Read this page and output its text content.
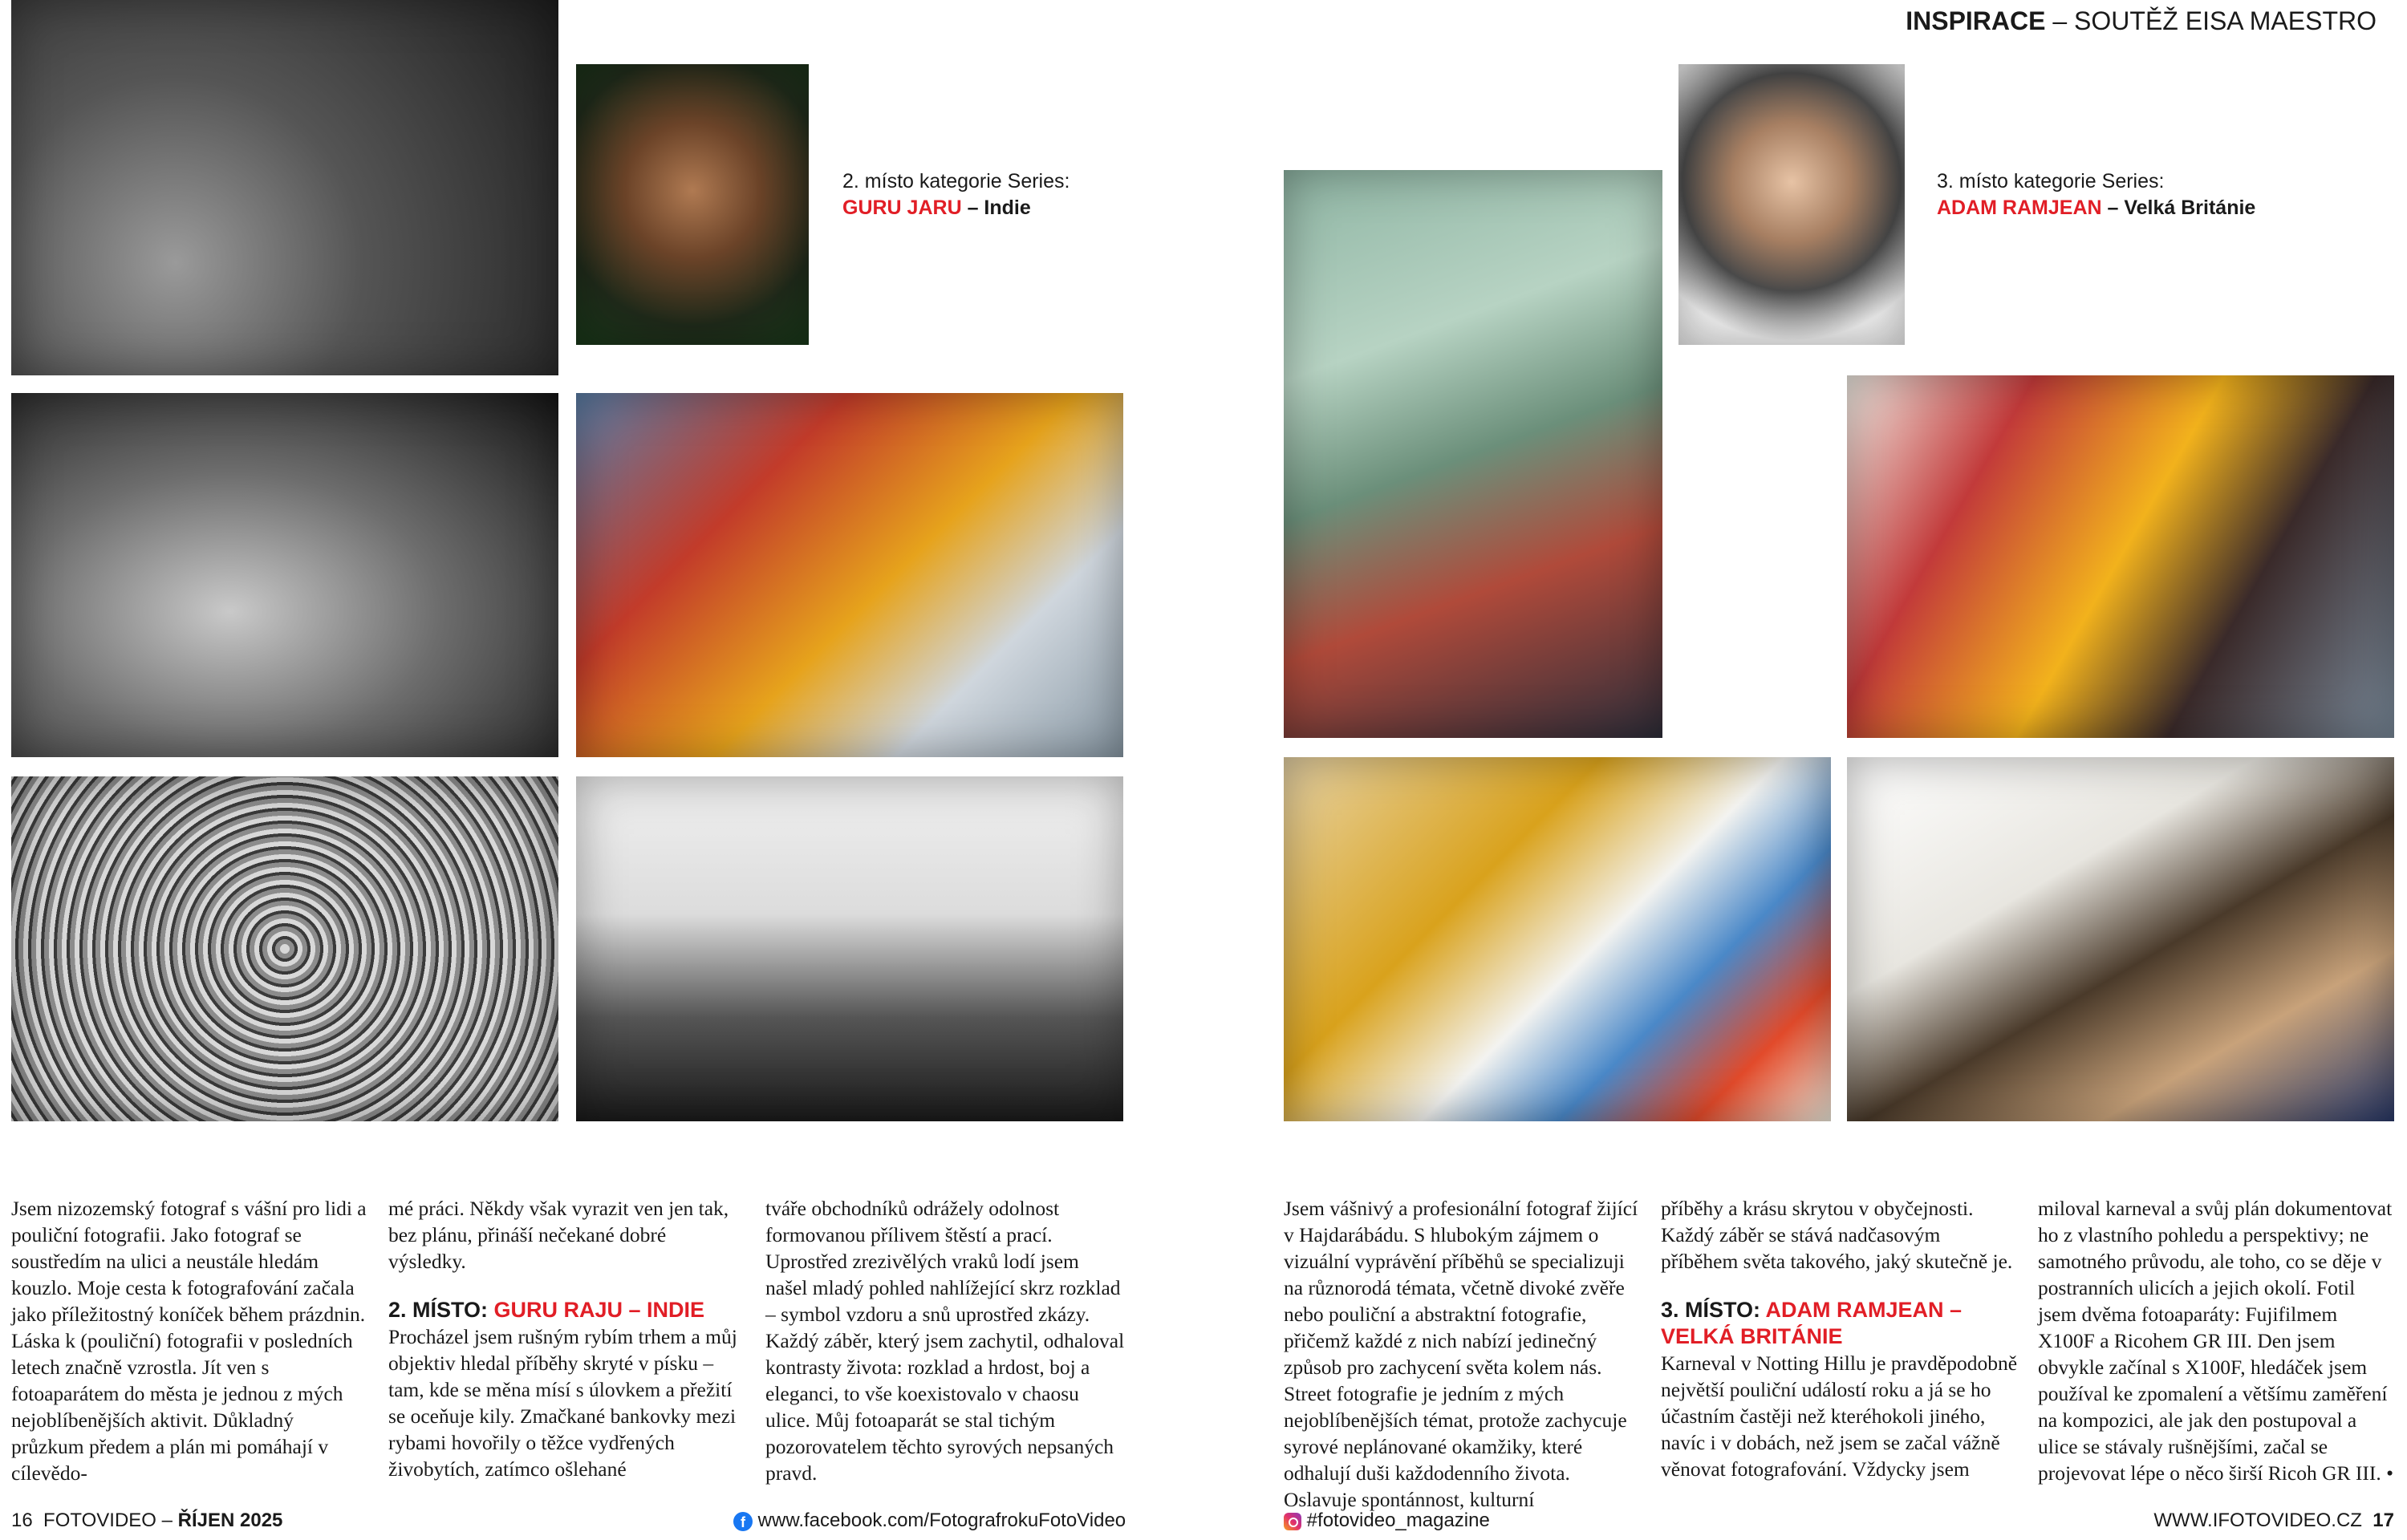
INSPIRACE – SOUTĚŽ EISA MAESTRO
2. místo kategorie Series:
GURU JARU – Indie
3. místo kategorie Series:
ADAM RAMJEAN – Velká Británie

Jsem nizozemský fotograf s vášní pro lidi a pouliční fotografii. Jako fotograf se soustředím na ulici a neustále hledám kouzlo. Moje cesta k fotografování začala jako příležitostný koníček během prázdnin. Láska k (pouliční) fotografii v posledních letech značně vzrostla. Jít ven s fotoaparátem do města je jednou z mých nejoblíbenějších aktivit. Důkladný průzkum předem a plán mi pomáhají v cílevědo-

mé práci. Někdy však vyrazit ven jen tak, bez plánu, přináší nečekané dobré výsledky.

2. MÍSTO: GURU RAJU – INDIE

Procházel jsem rušným rybím trhem a můj objektiv hledal příběhy skryté v písku – tam, kde se měna mísí s úlovkem a přežití se oceňuje kily. Zmačkané bankovky mezi rybami hovořily o těžce vydřených živobytích, zatímco ošlehané

tváře obchodníků odrážely odolnost formovanou přílivem štěstí a prací. Uprostřed zrezivělých vraků lodí jsem našel mladý pohled nahlížející skrz rozklad – symbol vzdoru a snů uprostřed zkázy. Každý záběr, který jsem zachytil, odhaloval kontrasty života: rozklad a hrdost, boj a eleganci, to vše koexistovalo v chaosu ulice. Můj fotoaparát se stal tichým pozorovatelem těchto syrových nepsaných pravd.

Jsem vášnivý a profesionální fotograf žijící v Hajdarábádu. S hlubokým zájmem o vizuální vyprávění příběhů se specializuji na různorodá témata, včetně divoké zvěře nebo pouliční a abstraktní fotografie, přičemž každé z nich nabízí jedinečný způsob pro zachycení světa kolem nás. Street fotografie je jedním z mých nejoblíbenějších témat, protože zachycuje syrové neplánované okamžiky, které odhalují duši každodenního života. Oslavuje spontánnost, kulturní

příběhy a krásu skrytou v obyčejnosti. Každý záběr se stává nadčasovým příběhem světa takového, jaký skutečně je.

3. MÍSTO: ADAM RAMJEAN – VELKÁ BRITÁNIE

Karneval v Notting Hillu je pravděpodobně největší pouliční událostí roku a já se ho účastním častěji než kteréhokoli jiného, navíc i v dobách, než jsem se začal vážně věnovat fotografování. Vždycky jsem

miloval karneval a svůj plán dokumentovat ho z vlastního pohledu a perspektivy; ne samotného průvodu, ale toho, co se děje v postranních ulicích a jejich okolí. Fotil jsem dvěma fotoaparáty: Fujifilmem X100F a Ricohem GR III. Den jsem obvykle začínal s X100F, hledáček jsem používal ke zpomalení a většímu zaměření na kompozici, ale jak den postupoval a ulice se stávaly rušnějšími, začal se projevovat lépe o něco širší Ricoh GR III. •

16 FOTOVIDEO – ŘÍJEN 2025	f www.facebook.com/FotografrokuFotoVideo	#fotovideo_magazine	WWW.IFOTOVIDEO.CZ 17
